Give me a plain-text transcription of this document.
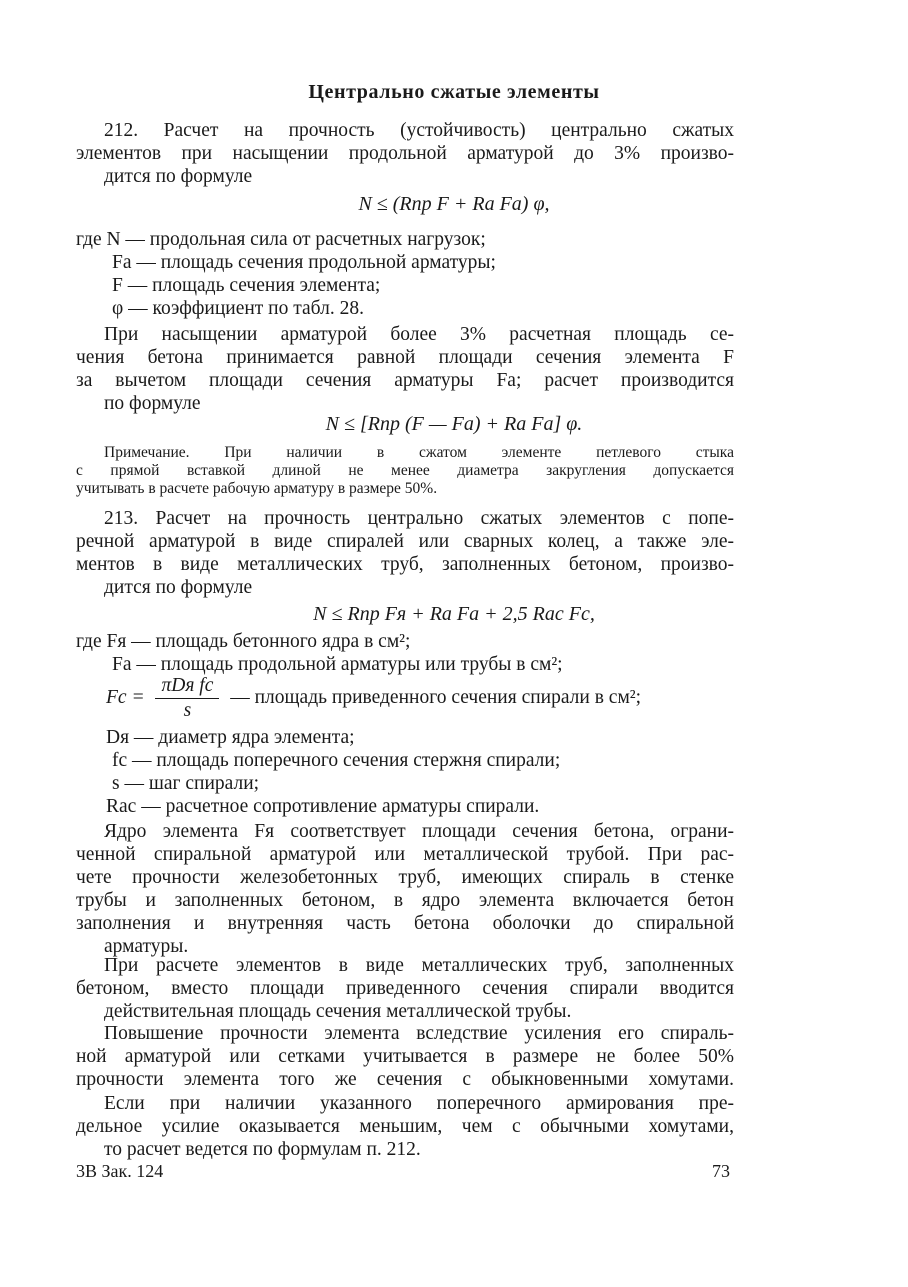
Центрально сжатые элементы
212. Расчет на прочность (устойчивость) центрально сжатых
элементов при насыщении продольной арматурой до 3% произво-
дится по формуле
N ≤ (Rпр F + Rа Fа) φ,
где N — продольная сила от расчетных нагрузок;
Fа — площадь сечения продольной арматуры;
F — площадь сечения элемента;
φ — коэффициент по табл. 28.
При насыщении арматурой более 3% расчетная площадь се-
чения бетона принимается равной площади сечения элемента F
за вычетом площади сечения арматуры Fа; расчет производится
по формуле
N ≤ [Rпр (F — Fа) + Rа Fа] φ.
Примечание. При наличии в сжатом элементе петлевого стыка
с прямой вставкой длиной не менее диаметра закругления допускается
учитывать в расчете рабочую арматуру в размере 50%.
213. Расчет на прочность центрально сжатых элементов с попе-
речной арматурой в виде спиралей или сварных колец, а также эле-
ментов в виде металлических труб, заполненных бетоном, произво-
дится по формуле
N ≤ Rпр Fя + Rа Fа + 2,5 Rас Fс,
где Fя — площадь бетонного ядра в см²;
Fа — площадь продольной арматуры или трубы в см²;
Fс = $\frac{\text{πDя fс}}{s}$ — площадь приведенного сечения спирали в см²;
Dя — диаметр ядра элемента;
fс — площадь поперечного сечения стержня спирали;
s — шаг спирали;
Rас — расчетное сопротивление арматуры спирали.
Ядро элемента Fя соответствует площади сечения бетона, ограни-
ченной спиральной арматурой или металлической трубой. При рас-
чете прочности железобетонных труб, имеющих спираль в стенке
трубы и заполненных бетоном, в ядро элемента включается бетон
заполнения и внутренняя часть бетона оболочки до спиральной
арматуры.
При расчете элементов в виде металлических труб, заполненных
бетоном, вместо площади приведенного сечения спирали вводится
действительная площадь сечения металлической трубы.
Повышение прочности элемента вследствие усиления его спираль-
ной арматурой или сетками учитывается в размере не более 50%
прочности элемента того же сечения с обыкновенными хомутами.
Если при наличии указанного поперечного армирования пре-
дельное усилие оказывается меньшим, чем с обычными хомутами,
то расчет ведется по формулам п. 212.
3В Зак. 124	73
